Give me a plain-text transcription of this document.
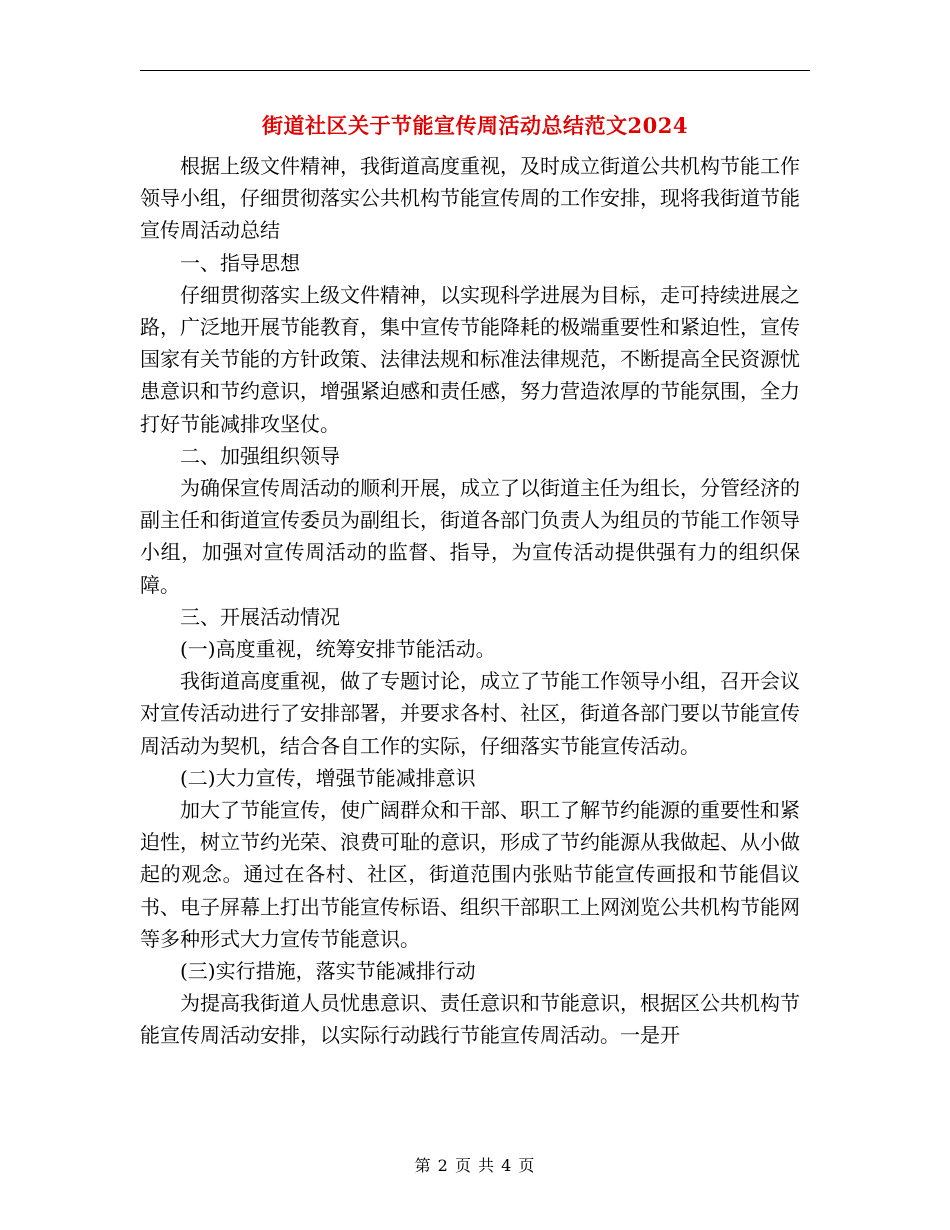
街道社区关于节能宣传周活动总结范文2024

根据上级文件精神，我街道高度重视，及时成立街道公共机构节能工作领导小组，仔细贯彻落实公共机构节能宣传周的工作安排，现将我街道节能宣传周活动总结

一、指导思想

仔细贯彻落实上级文件精神，以实现科学进展为目标，走可持续进展之路，广泛地开展节能教育，集中宣传节能降耗的极端重要性和紧迫性，宣传国家有关节能的方针政策、法律法规和标准法律规范，不断提高全民资源忧患意识和节约意识，增强紧迫感和责任感，努力营造浓厚的节能氛围，全力打好节能减排攻坚仗。

二、加强组织领导

为确保宣传周活动的顺利开展，成立了以街道主任为组长，分管经济的副主任和街道宣传委员为副组长，街道各部门负责人为组员的节能工作领导小组，加强对宣传周活动的监督、指导，为宣传活动提供强有力的组织保障。

三、开展活动情况

(一)高度重视，统筹安排节能活动。

我街道高度重视，做了专题讨论，成立了节能工作领导小组，召开会议对宣传活动进行了安排部署，并要求各村、社区，街道各部门要以节能宣传周活动为契机，结合各自工作的实际，仔细落实节能宣传活动。

(二)大力宣传，增强节能减排意识

加大了节能宣传，使广阔群众和干部、职工了解节约能源的重要性和紧迫性，树立节约光荣、浪费可耻的意识，形成了节约能源从我做起、从小做起的观念。通过在各村、社区，街道范围内张贴节能宣传画报和节能倡议书、电子屏幕上打出节能宣传标语、组织干部职工上网浏览公共机构节能网等多种形式大力宣传节能意识。

(三)实行措施，落实节能减排行动

为提高我街道人员忧患意识、责任意识和节能意识，根据区公共机构节能宣传周活动安排，以实际行动践行节能宣传周活动。一是开

第 2 页 共 4 页
